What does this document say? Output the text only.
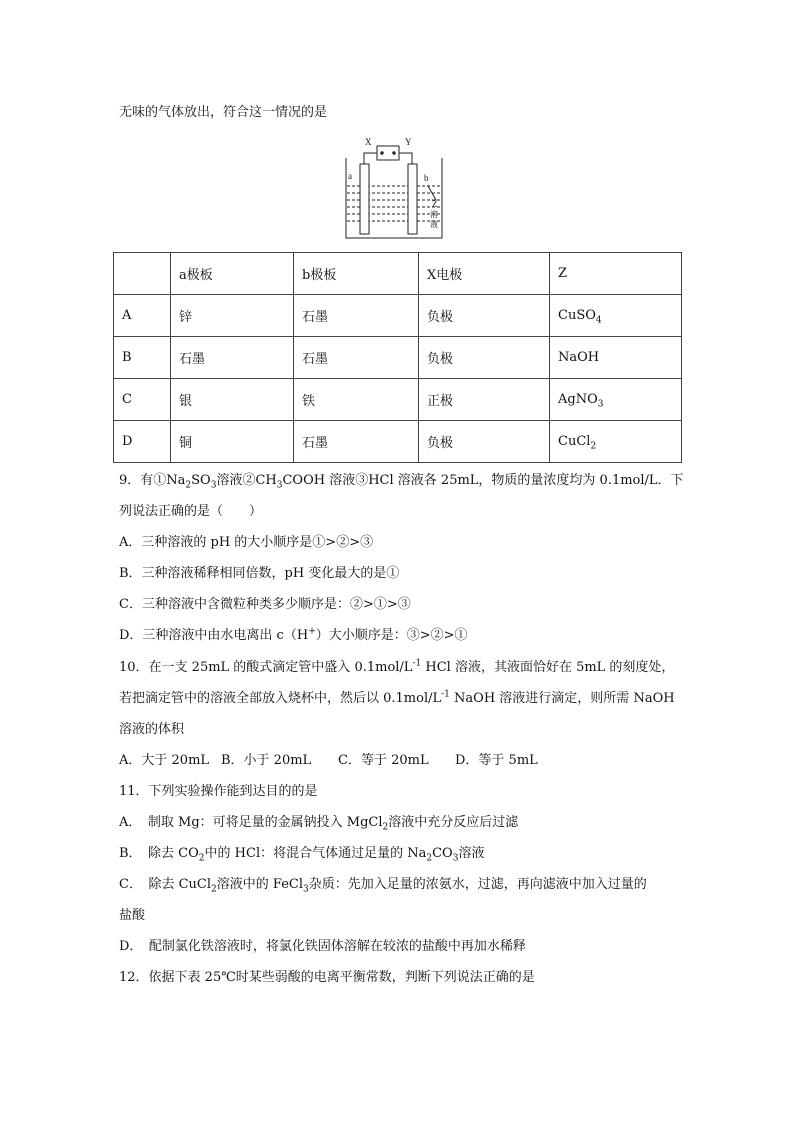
无味的气体放出，符合这一情况的是
X	Y
a	b
Z
溶
液
	a极板	b极板	X电极	Z
A	锌	石墨	负极	CuSO$_4$
B	石墨	石墨	负极	NaOH
C	银	铁	正极	AgNO$_3$
D	铜	石墨	负极	CuCl$_2$
9．有$①Na_2SO_3$溶液$②CH_3COOH$ 溶液③HCl 溶液各 25mL，物质的量浓度均为 0.1mol/L．下
列说法正确的是（　　）
A．三种溶液的 pH 的大小顺序是①>②>③
B．三种溶液稀释相同倍数，pH 变化最大的是①
C．三种溶液中含微粒种类多少顺序是：②>①>③
D．三种溶液中由水电离出 c（H+）大小顺序是：③>②>①
10．在一支 25mL 的酸式滴定管中盛入 $0.1mol/L^{-1}$ HCl 溶液，其液面恰好在 5mL 的刻度处，
若把滴定管中的溶液全部放入烧杯中，然后以 $0.1mol/L^{-1}$ NaOH 溶液进行滴定，则所需 NaOH
溶液的体积
A．大于 20mL B．小于 20mL C．等于 20mL D．等于 5mL
11．下列实验操作能到达目的的是
A．　制取 Mg：可将足量的金属钠投入 MgCl$_2$溶液中充分反应后过滤
B．　除去 $CO_2$中的 HCl：将混合气体通过足量的 $Na_2CO_3$溶液
C．　除去 CuCl$_2$溶液中的 FeCl$_3$杂质：先加入足量的浓氨水，过滤，再向滤液中加入过量的
盐酸
D．　配制氯化铁溶液时，将氯化铁固体溶解在较浓的盐酸中再加水稀释
12．依据下表 25℃时某些弱酸的电离平衡常数，判断下列说法正确的是
